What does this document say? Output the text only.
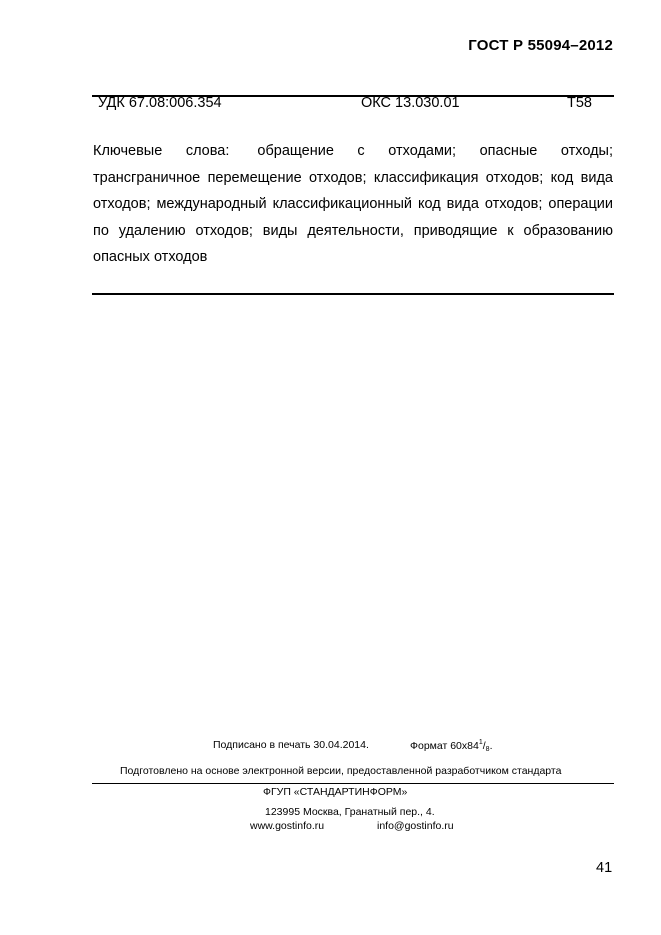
ГОСТ Р 55094–2012
УДК 67.08:006.354	ОКС 13.030.01	Т58
Ключевые слова: обращение с отходами; опасные отходы; трансграничное перемещение отходов; классификация отходов; код вида отходов; международный классификационный код вида отходов; операции по удалению отходов; виды деятельности, приводящие к образованию опасных отходов
Подписано в печать 30.04.2014.	Формат $60x84^1/_8$.
Подготовлено на основе электронной версии, предоставленной разработчиком стандарта
ФГУП «СТАНДАРТИНФОРМ»
123995 Москва, Гранатный пер., 4.
www.gostinfo.ru	info@gostinfo.ru
41
